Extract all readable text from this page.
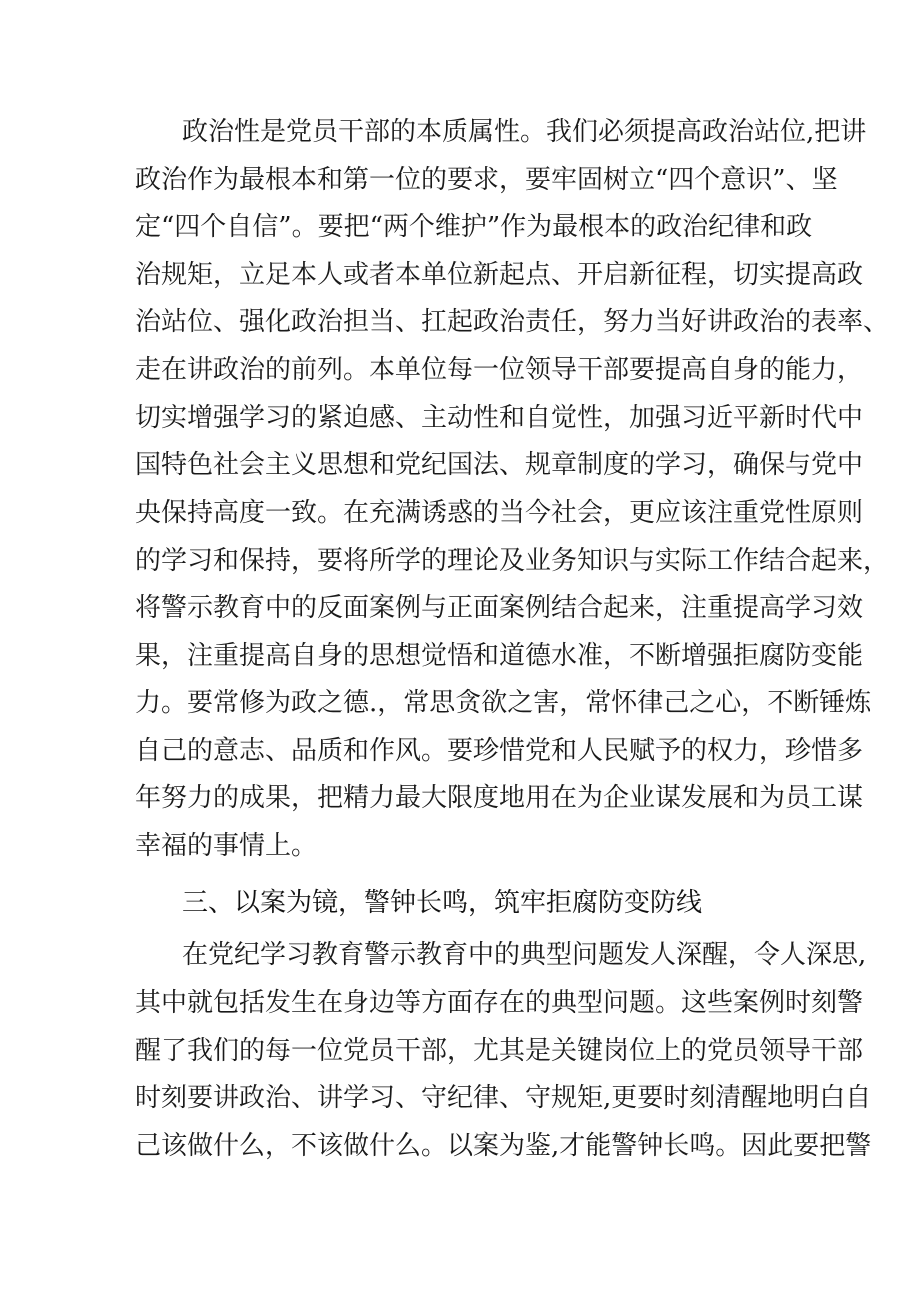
政治性是党员干部的本质属性。我们必须提高政治站位,把讲
政治作为最根本和第一位的要求，要牢固树立“四个意识”、坚
定“四个自信”。要把“两个维护”作为最根本的政治纪律和政
治规矩，立足本人或者本单位新起点、开启新征程，切实提高政
治站位、强化政治担当、扛起政治责任，努力当好讲政治的表率、
走在讲政治的前列。本单位每一位领导干部要提高自身的能力，
切实增强学习的紧迫感、主动性和自觉性，加强习近平新时代中
国特色社会主义思想和党纪国法、规章制度的学习，确保与党中
央保持高度一致。在充满诱惑的当今社会，更应该注重党性原则
的学习和保持，要将所学的理论及业务知识与实际工作结合起来，
将警示教育中的反面案例与正面案例结合起来，注重提高学习效
果，注重提高自身的思想觉悟和道德水准，不断增强拒腐防变能
力。要常修为政之德.，常思贪欲之害，常怀律己之心，不断锤炼
自己的意志、品质和作风。要珍惜党和人民赋予的权力，珍惜多
年努力的成果，把精力最大限度地用在为企业谋发展和为员工谋
幸福的事情上。
三、以案为镜，警钟长鸣，筑牢拒腐防变防线
在党纪学习教育警示教育中的典型问题发人深醒，令人深思,
其中就包括发生在身边等方面存在的典型问题。这些案例时刻警
醒了我们的每一位党员干部，尤其是关键岗位上的党员领导干部
时刻要讲政治、讲学习、守纪律、守规矩,更要时刻清醒地明白自
己该做什么，不该做什么。以案为鉴,才能警钟长鸣。因此要把警
